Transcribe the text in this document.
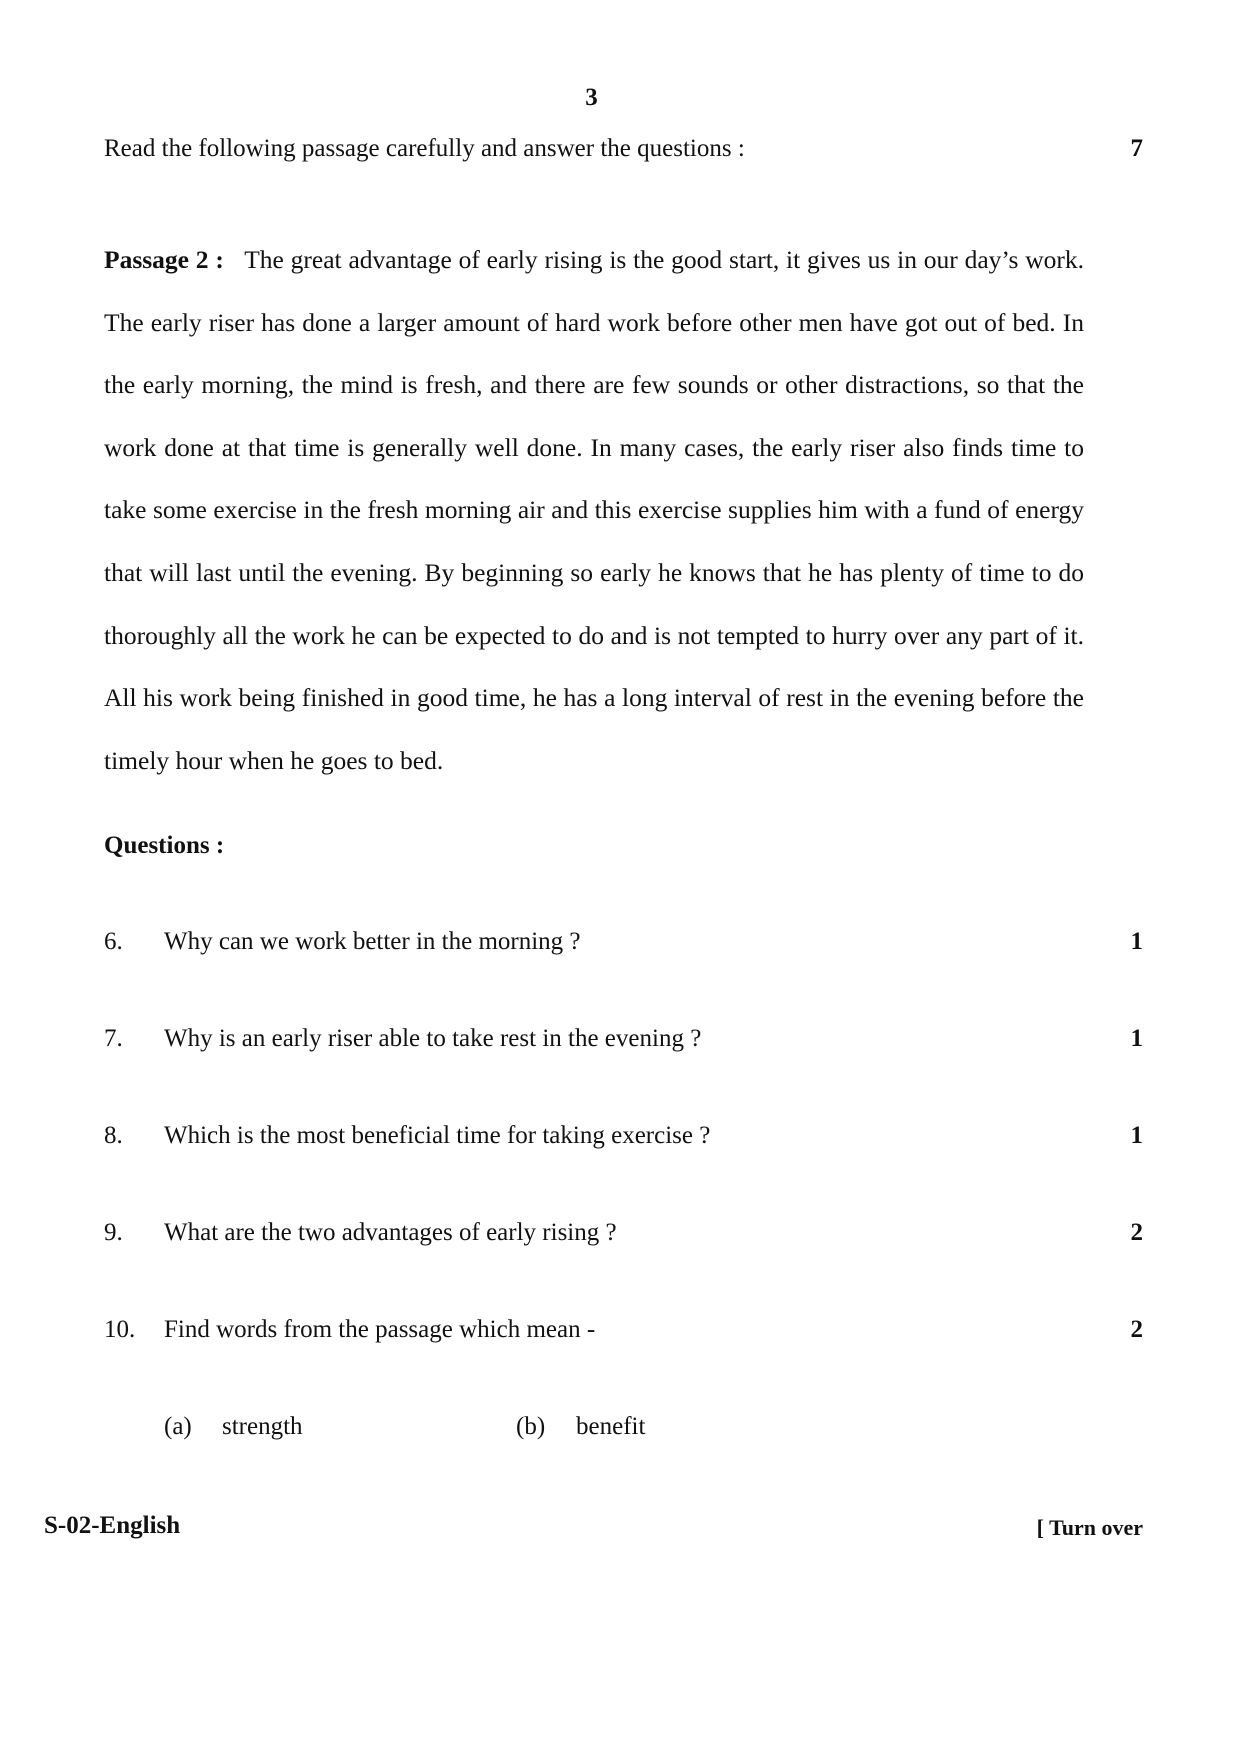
3
Read the following passage carefully and answer the questions :	7
Passage 2 : The great advantage of early rising is the good start, it gives us in our day’s work. The early riser has done a larger amount of hard work before other men have got out of bed. In the early morning, the mind is fresh, and there are few sounds or other distractions, so that the work done at that time is generally well done. In many cases, the early riser also finds time to take some exercise in the fresh morning air and this exercise supplies him with a fund of energy that will last until the evening. By beginning so early he knows that he has plenty of time to do thoroughly all the work he can be expected to do and is not tempted to hurry over any part of it. All his work being finished in good time, he has a long interval of rest in the evening before the timely hour when he goes to bed.
Questions :
6. Why can we work better in the morning ?	1
7. Why is an early riser able to take rest in the evening ?	1
8. Which is the most beneficial time for taking exercise ?	1
9. What are the two advantages of early rising ?	2
10. Find words from the passage which mean -	2
(a) strength	(b) benefit
S-02-English	[ Turn over
